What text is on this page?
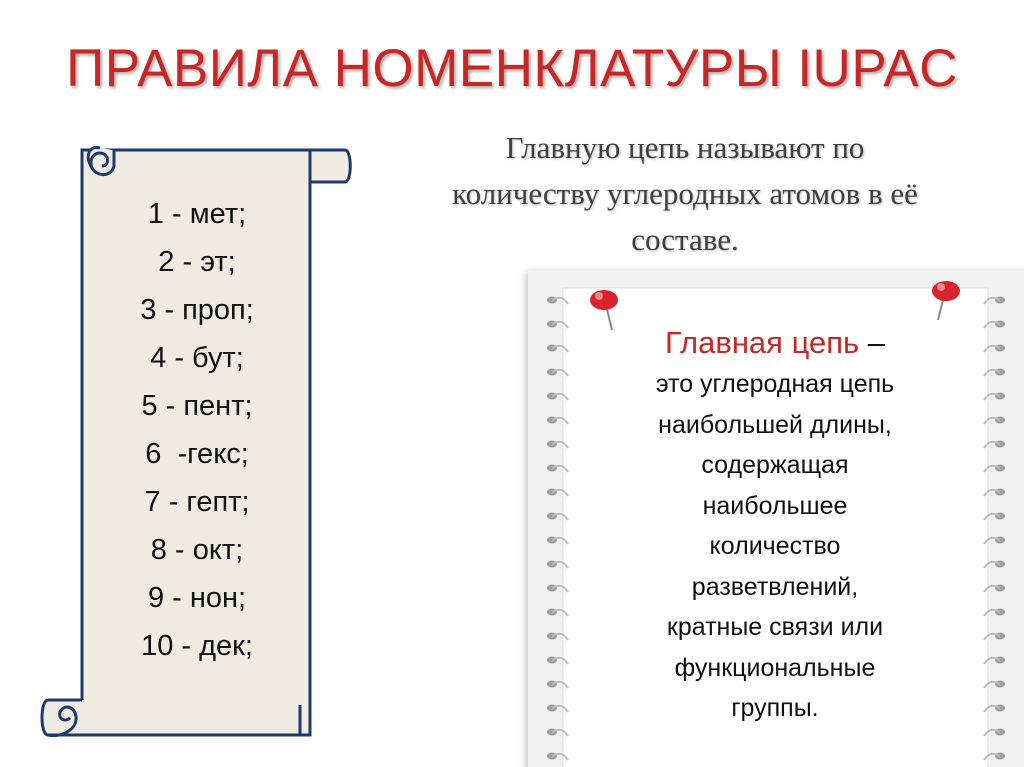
ПРАВИЛА НОМЕНКЛАТУРЫ IUPAC
Главную цепь называют по
количеству углеродных атомов в её
составе.
1 - мет;
2 - эт;
3 - проп;
4 - бут;
5 - пент;
6  -гекс;
7 - гепт;
8 - окт;
9 - нон;
10 - дек;
Главная цепь –
это углеродная цепь
наибольшей длины,
содержащая
наибольшее
количество
разветвлений,
кратные связи или
функциональные
группы.
